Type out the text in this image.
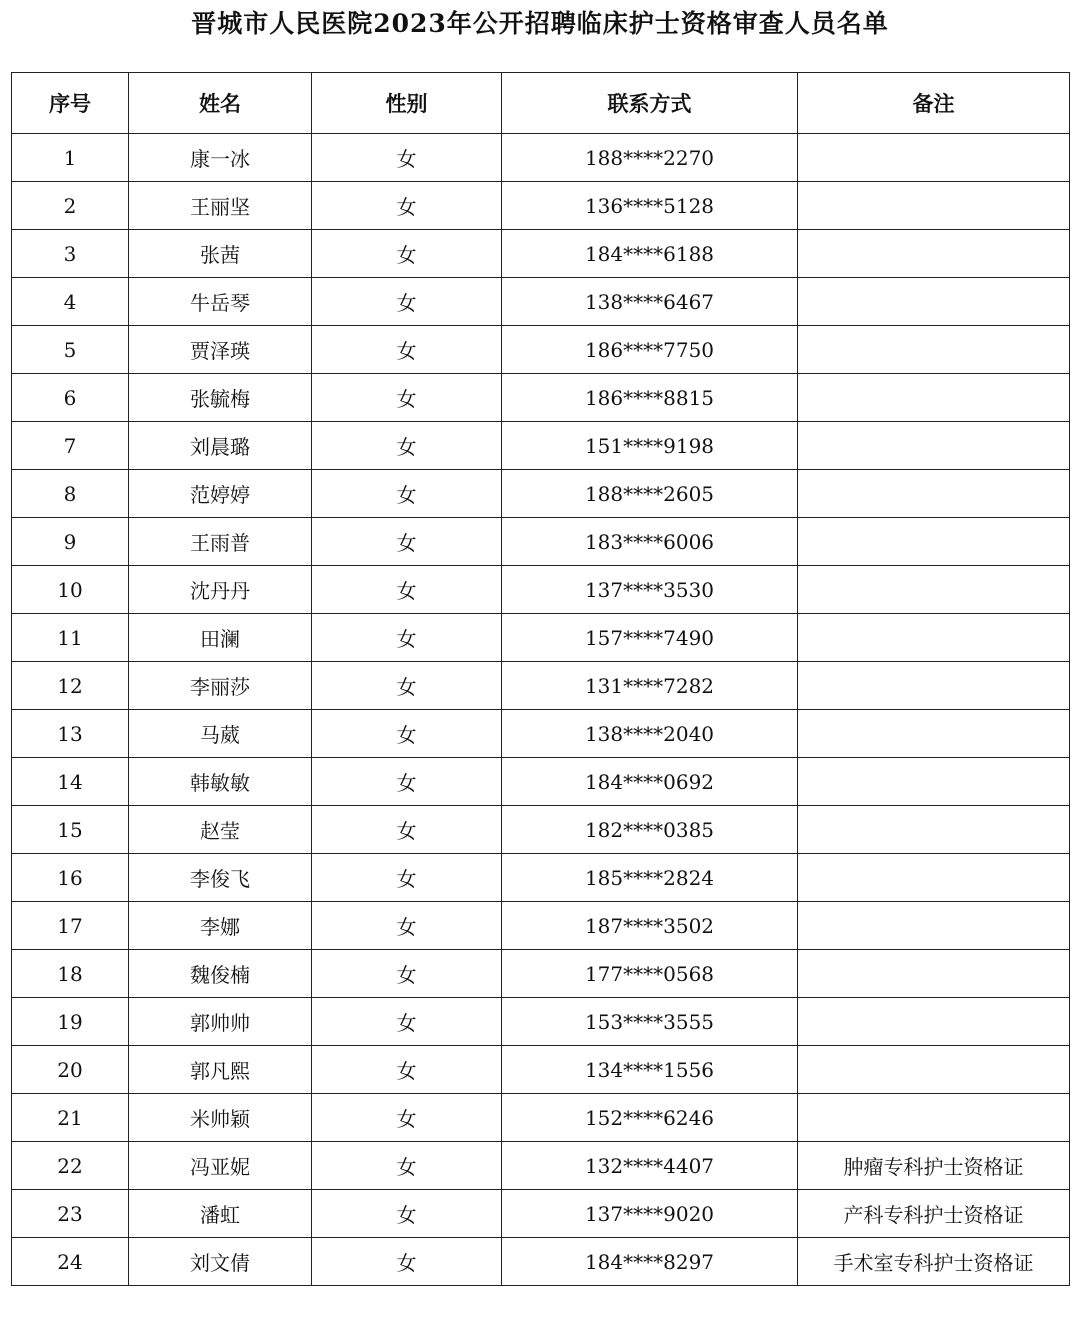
晋城市人民医院2023年公开招聘临床护士资格审查人员名单
序号	姓名	性别	联系方式	备注
1	康一冰	女	188****2270	
2	王丽坚	女	136****5128	
3	张茜	女	184****6188	
4	牛岳琴	女	138****6467	
5	贾泽瑛	女	186****7750	
6	张毓梅	女	186****8815	
7	刘晨璐	女	151****9198	
8	范婷婷	女	188****2605	
9	王雨普	女	183****6006	
10	沈丹丹	女	137****3530	
11	田澜	女	157****7490	
12	李丽莎	女	131****7282	
13	马葳	女	138****2040	
14	韩敏敏	女	184****0692	
15	赵莹	女	182****0385	
16	李俊飞	女	185****2824	
17	李娜	女	187****3502	
18	魏俊楠	女	177****0568	
19	郭帅帅	女	153****3555	
20	郭凡熙	女	134****1556	
21	米帅颖	女	152****6246	
22	冯亚妮	女	132****4407	肿瘤专科护士资格证
23	潘虹	女	137****9020	产科专科护士资格证
24	刘文倩	女	184****8297	手术室专科护士资格证
